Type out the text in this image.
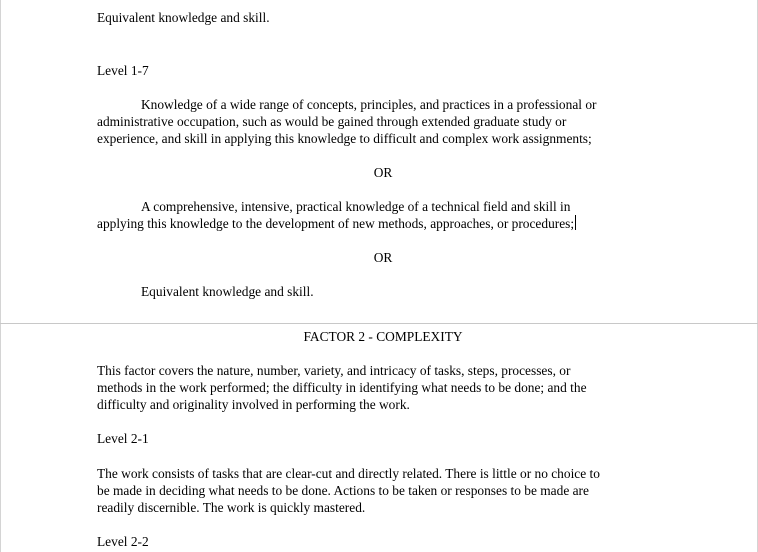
Equivalent knowledge and skill.
Level 1-7
Knowledge of a wide range of concepts, principles, and practices in a professional or
administrative occupation, such as would be gained through extended graduate study or
experience, and skill in applying this knowledge to difficult and complex work assignments;
OR
A comprehensive, intensive, practical knowledge of a technical field and skill in
applying this knowledge to the development of new methods, approaches, or procedures;
OR
Equivalent knowledge and skill.
FACTOR 2 - COMPLEXITY
This factor covers the nature, number, variety, and intricacy of tasks, steps, processes, or
methods in the work performed; the difficulty in identifying what needs to be done; and the
difficulty and originality involved in performing the work.
Level 2-1
The work consists of tasks that are clear-cut and directly related. There is little or no choice to
be made in deciding what needs to be done. Actions to be taken or responses to be made are
readily discernible. The work is quickly mastered.
Level 2-2
